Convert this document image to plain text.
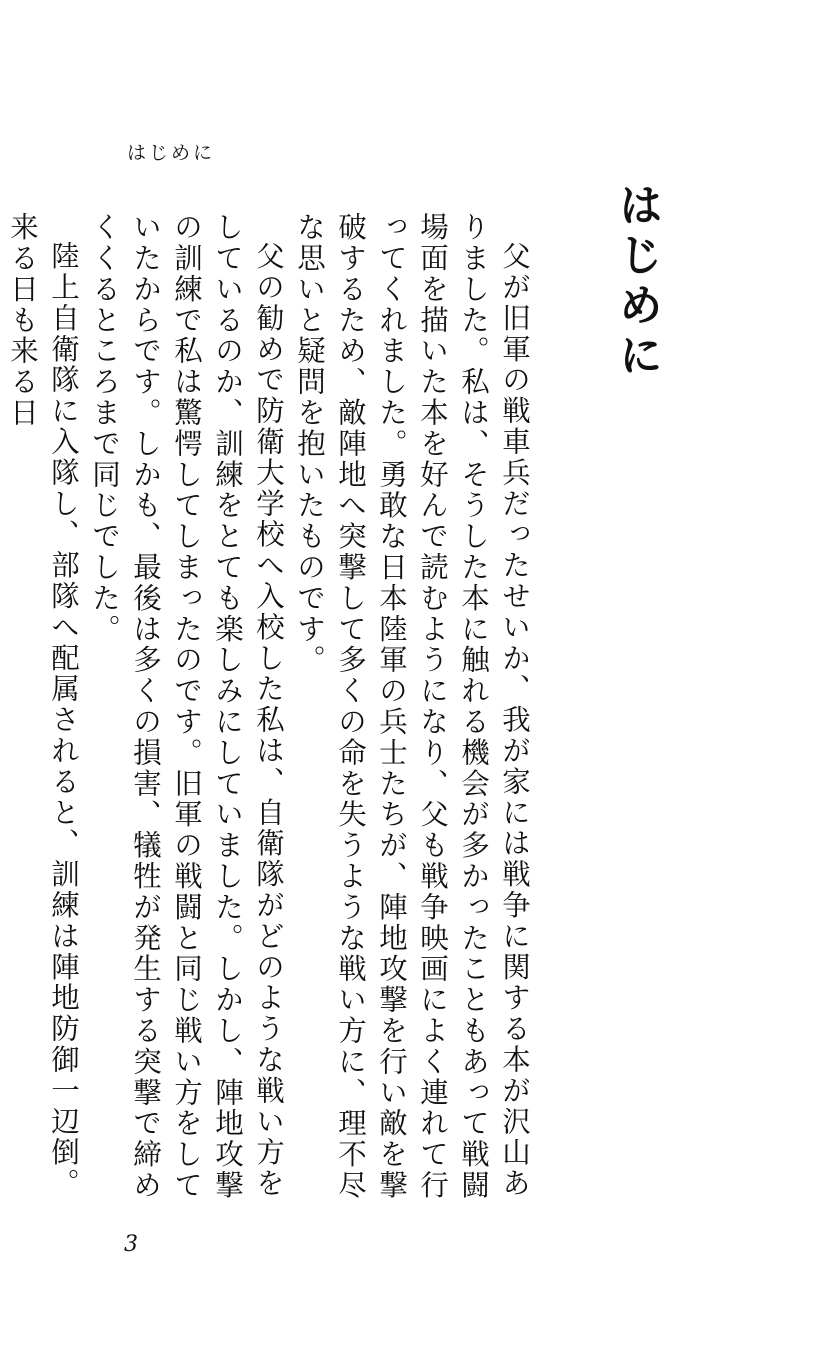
はじめに
はじめに

父が旧軍の戦車兵だったせいか、我が家には戦争に関する本が沢山ありました。私は、そうした本に触れる機会が多かったこともあって戦闘場面を描いた本を好んで読むようになり、父も戦争映画によく連れて行ってくれました。勇敢な日本陸軍の兵士たちが、陣地攻撃を行い敵を撃破するため、敵陣地へ突撃して多くの命を失うような戦い方に、理不尽な思いと疑問を抱いたものです。

父の勧めで防衛大学校へ入校した私は、自衛隊がどのような戦い方をしているのか、訓練をとても楽しみにしていました。しかし、陣地攻撃の訓練で私は驚愕してしまったのです。旧軍の戦闘と同じ戦い方をしていたからです。しかも、最後は多くの損害、犠牲が発生する突撃で締めくくるところまで同じでした。

陸上自衛隊に入隊し、部隊へ配属されると、訓練は陣地防御一辺倒。来る日も来る日

3
